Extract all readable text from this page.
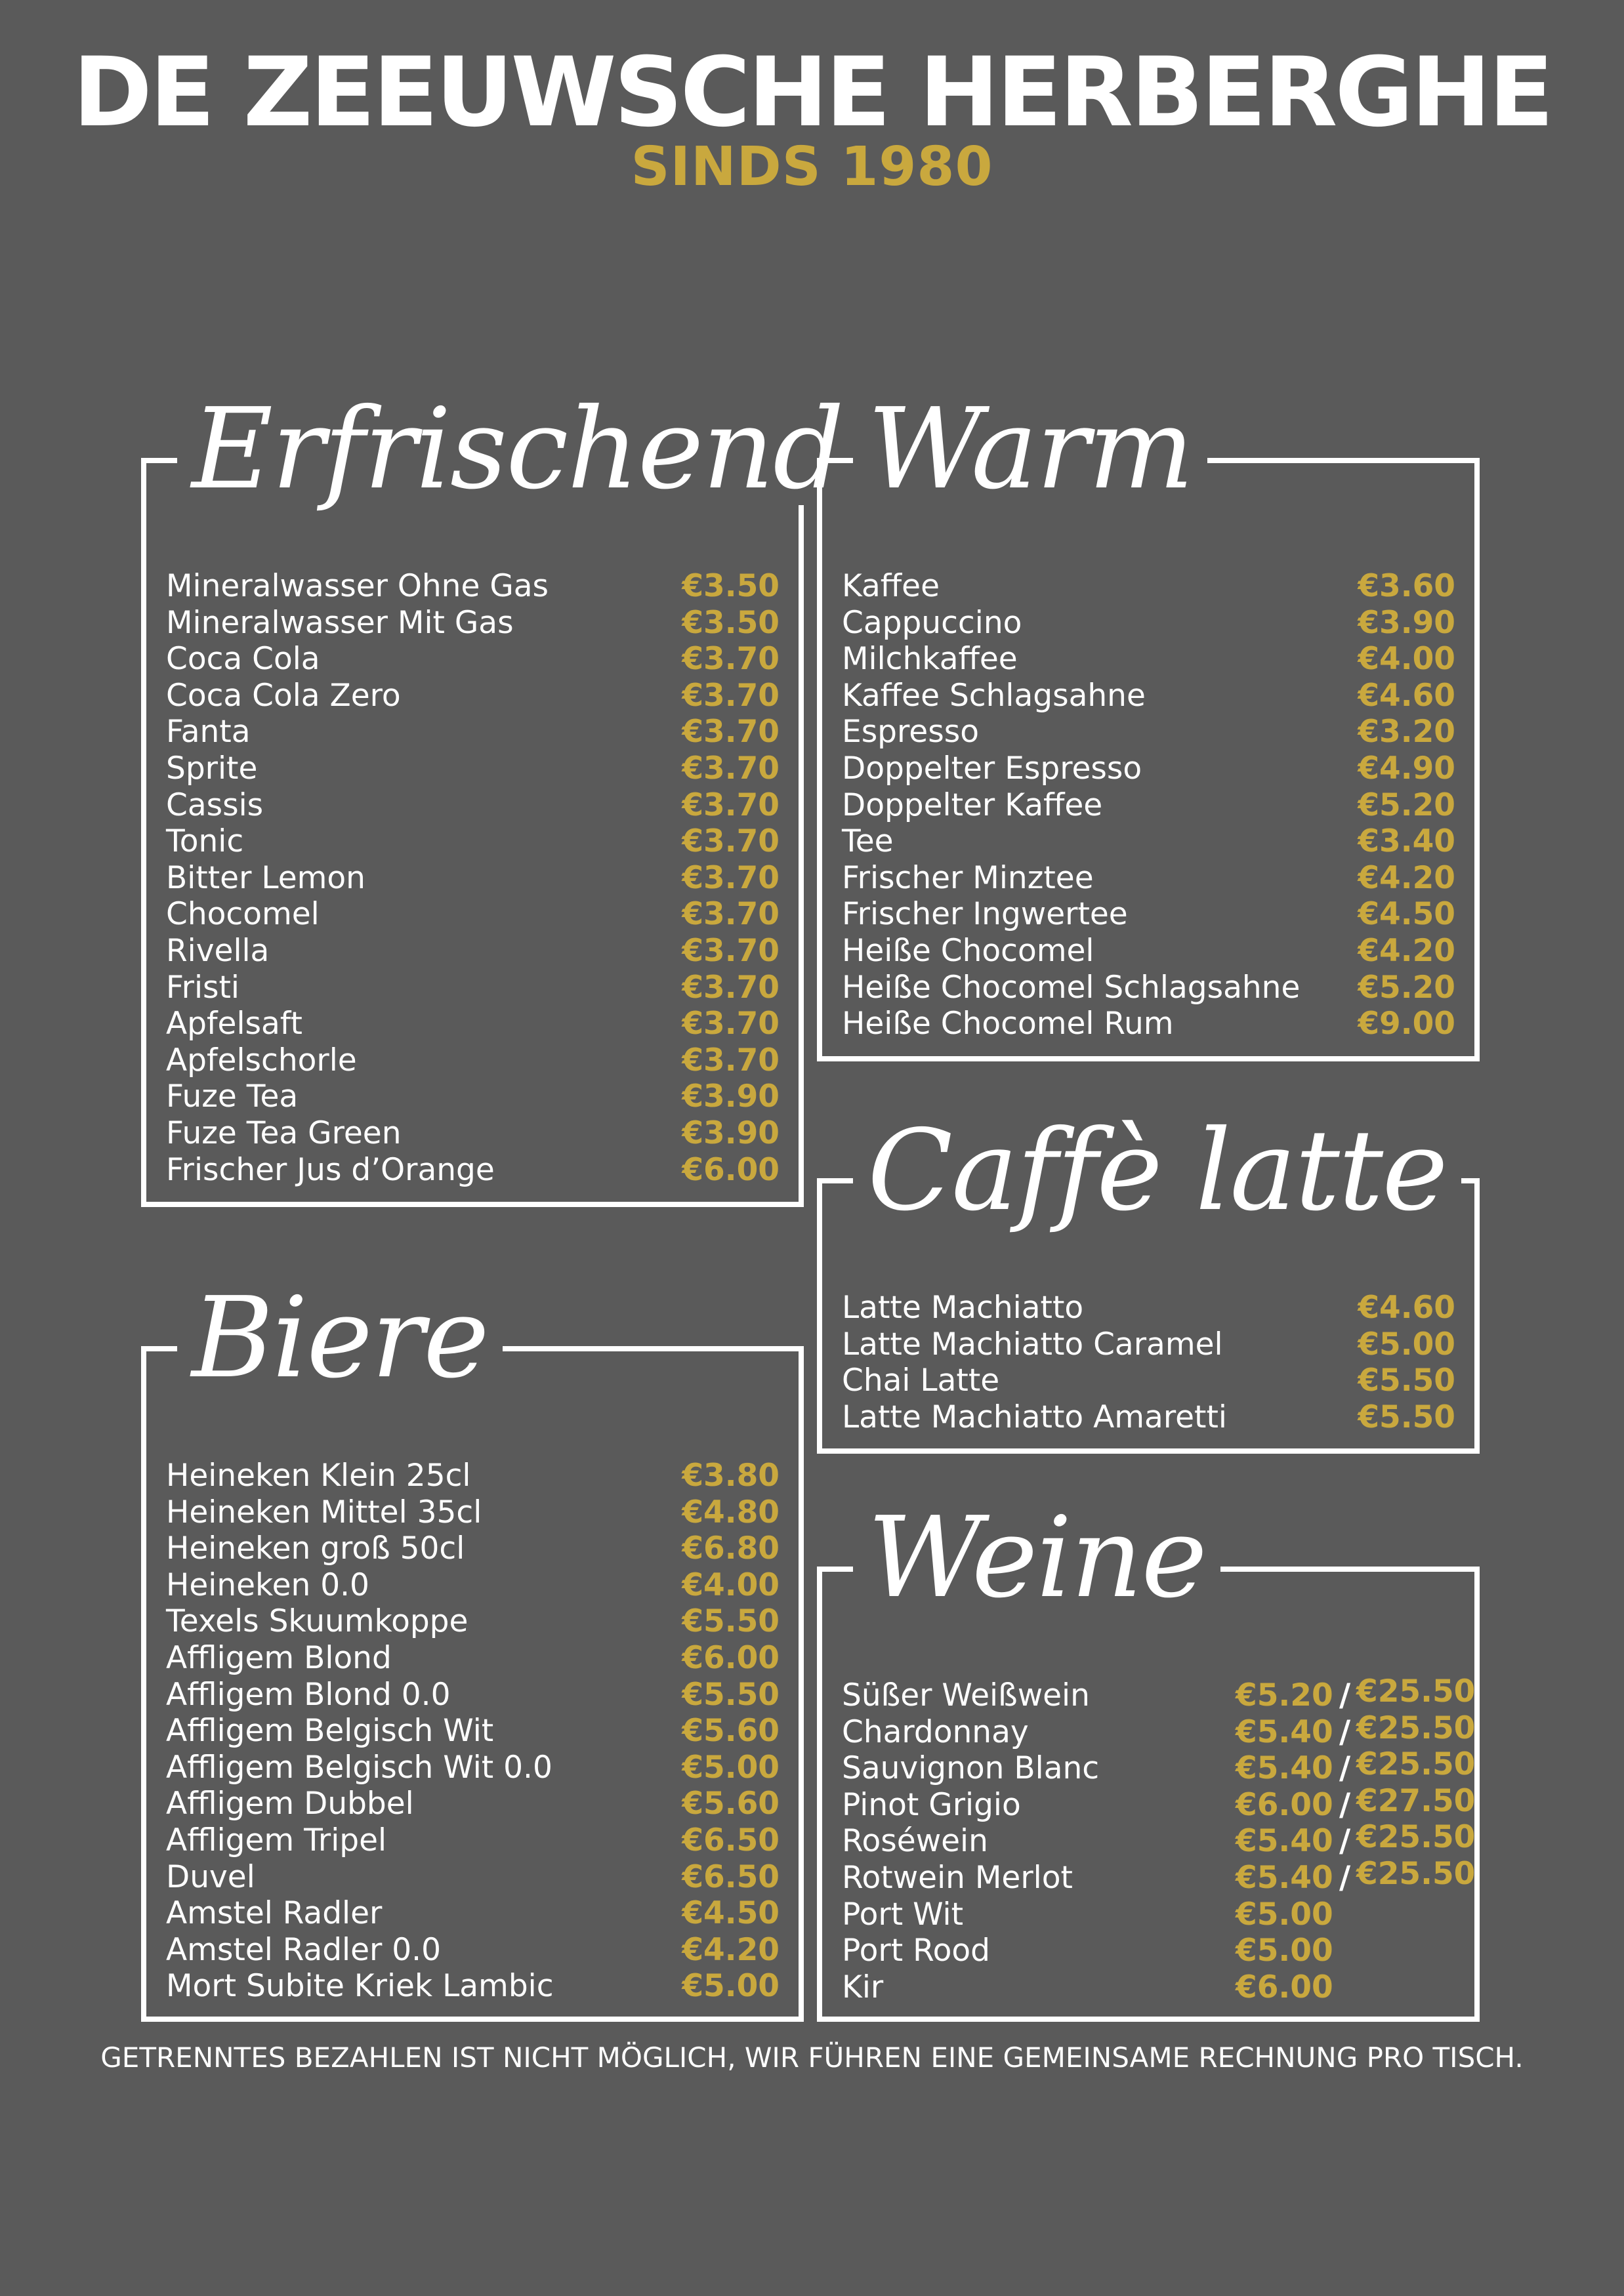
DE ZEEUWSCHE HERBERGHE
SINDS 1980
Erfrischend
Mineralwasser Ohne Gas	€3.50
Mineralwasser Mit Gas	€3.50
Coca Cola	€3.70
Coca Cola Zero	€3.70
Fanta	€3.70
Sprite	€3.70
Cassis	€3.70
Tonic	€3.70
Bitter Lemon	€3.70
Chocomel	€3.70
Rivella	€3.70
Fristi	€3.70
Apfelsaft	€3.70
Apfelschorle	€3.70
Fuze Tea	€3.90
Fuze Tea Green	€3.90
Frischer Jus d’Orange	€6.00
Warm
Kaffee	€3.60
Cappuccino	€3.90
Milchkaffee	€4.00
Kaffee Schlagsahne	€4.60
Espresso	€3.20
Doppelter Espresso	€4.90
Doppelter Kaffee	€5.20
Tee	€3.40
Frischer Minztee	€4.20
Frischer Ingwertee	€4.50
Heiße Chocomel	€4.20
Heiße Chocomel Schlagsahne €5.20
Heiße Chocomel Rum	€9.00
Caffè latte
Latte Machiatto	€4.60
Latte Machiatto Caramel	€5.00
Chai Latte	€5.50
Latte Machiatto Amaretti	€5.50
Biere
Heineken Klein 25cl	€3.80
Heineken Mittel 35cl	€4.80
Heineken groß 50cl	€6.80
Heineken 0.0	€4.00
Texels Skuumkoppe	€5.50
Affligem Blond	€6.00
Affligem Blond 0.0	€5.50
Affligem Belgisch Wit	€5.60
Affligem Belgisch Wit 0.0	€5.00
Affligem Dubbel	€5.60
Affligem Tripel	€6.50
Duvel	€6.50
Amstel Radler	€4.50
Amstel Radler 0.0	€4.20
Mort Subite Kriek Lambic	€5.00
Weine
Süßer Weißwein	€5.20 / €25.50
Chardonnay	€5.40 / €25.50
Sauvignon Blanc	€5.40 / €25.50
Pinot Grigio	€6.00 / €27.50
Roséwein	€5.40 / €25.50
Rotwein Merlot	€5.40 / €25.50
Port Wit	€5.00
Port Rood	€5.00
Kir	€6.00
GETRENNTES BEZAHLEN IST NICHT MÖGLICH, WIR FÜHREN EINE GEMEINSAME RECHNUNG PRO TISCH.
